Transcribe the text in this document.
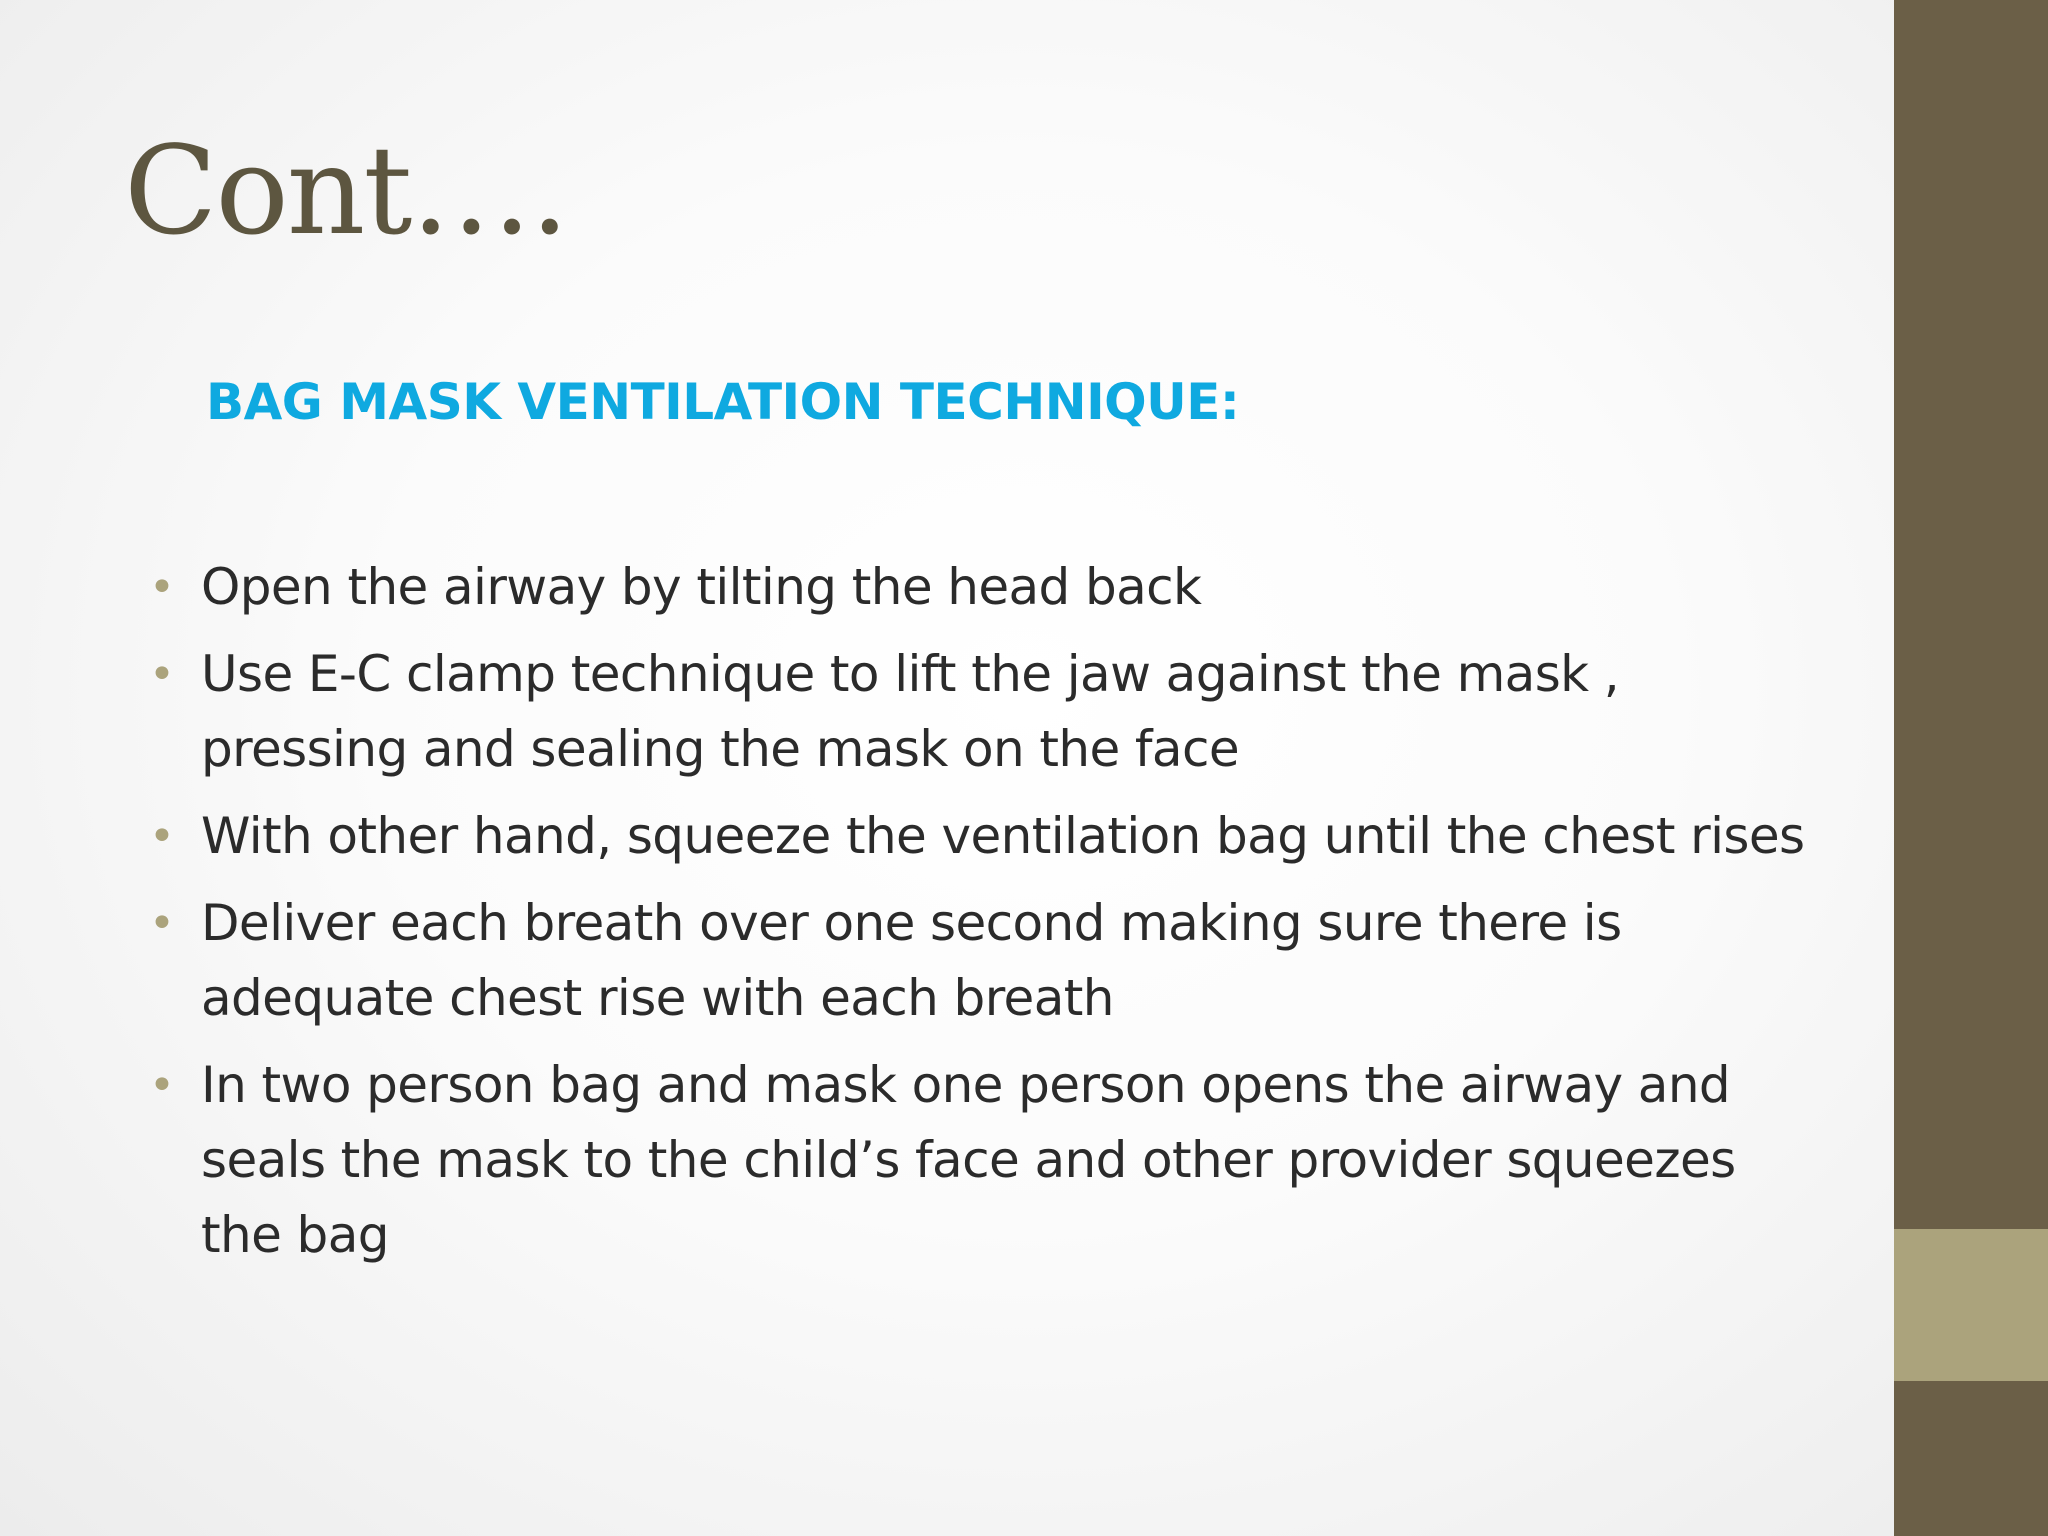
Cont….
BAG MASK VENTILATION TECHNIQUE:
• Open the airway by tilting the head back
• Use E-C clamp technique to lift the jaw against the mask , pressing and sealing the mask on the face
• With other hand, squeeze the ventilation bag until the chest rises
• Deliver each breath over one second making sure there is adequate chest rise with each breath
• In two person bag and mask one person opens the airway and seals the mask to the child’s face and other provider squeezes the bag
